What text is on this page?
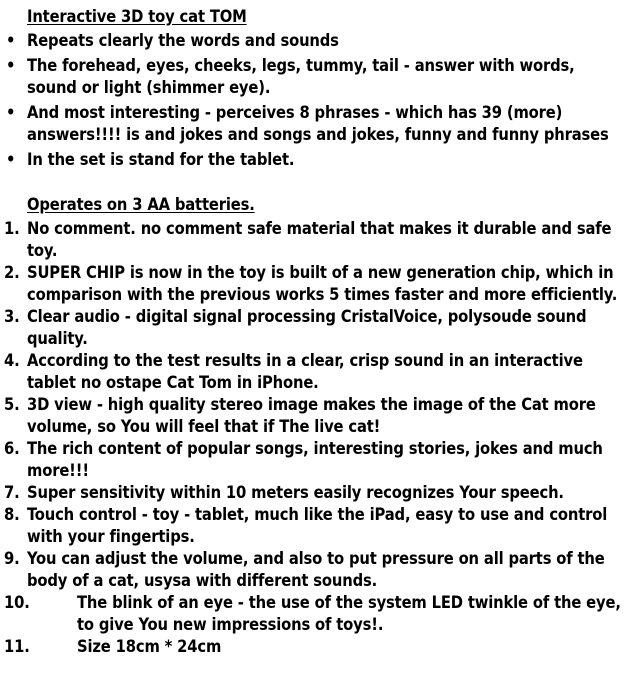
Interactive 3D toy cat TOM
• Repeats clearly the words and sounds
• The forehead, eyes, cheeks, legs, tummy, tail - answer with words, sound or light (shimmer eye).
• And most interesting - perceives 8 phrases - which has 39 (more) answers!!!! is and jokes and songs and jokes, funny and funny phrases
• In the set is stand for the tablet.
Operates on 3 AA batteries.
1. No comment. no comment safe material that makes it durable and safe toy.
2. SUPER CHIP is now in the toy is built of a new generation chip, which in comparison with the previous works 5 times faster and more efficiently.
3. Clear audio - digital signal processing CristalVoice, polysoude sound quality.
4. According to the test results in a clear, crisp sound in an interactive tablet no ostape Cat Tom in iPhone.
5. 3D view - high quality stereo image makes the image of the Cat more volume, so You will feel that if The live cat!
6. The rich content of popular songs, interesting stories, jokes and much more!!!
7. Super sensitivity within 10 meters easily recognizes Your speech.
8. Touch control - toy - tablet, much like the iPad, easy to use and control with your fingertips.
9. You can adjust the volume, and also to put pressure on all parts of the body of a cat, usysa with different sounds.
10.	The blink of an eye - the use of the system LED twinkle of the eye, to give You new impressions of toys!.
11.	Size 18cm * 24cm
